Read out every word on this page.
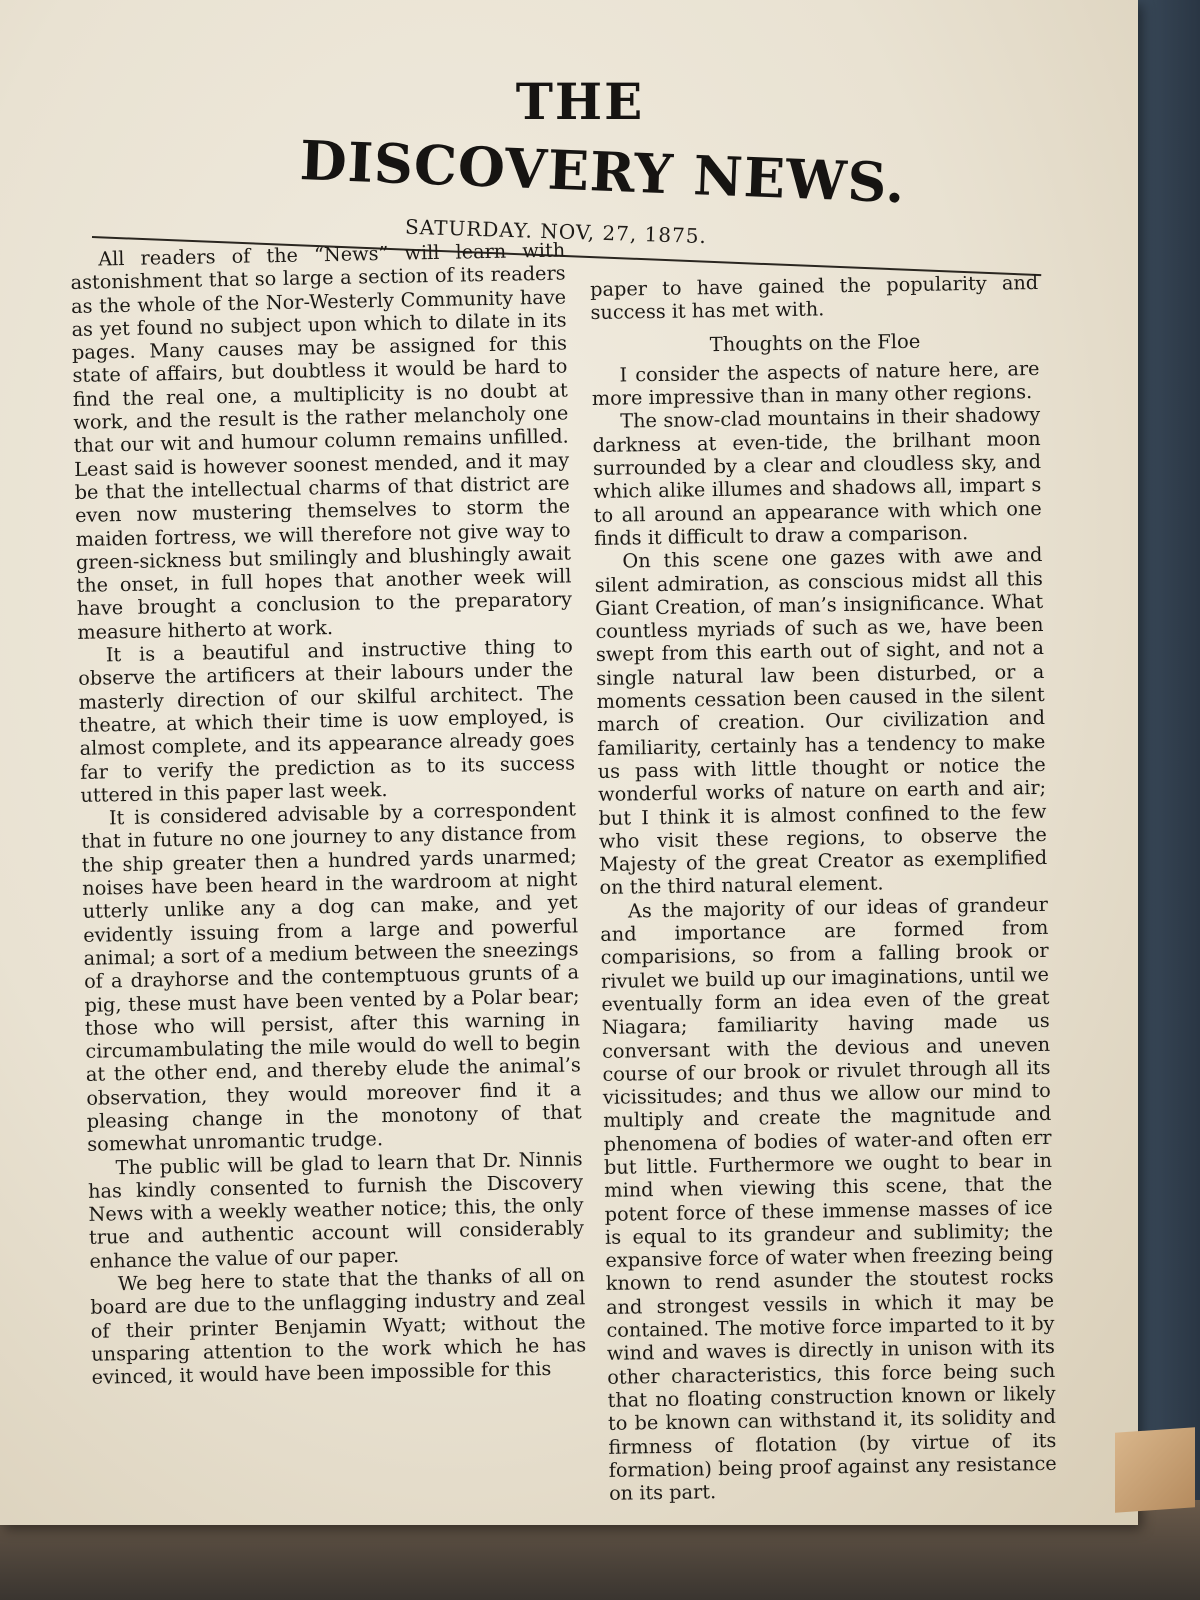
THE
DISCOVERY NEWS.
SATURDAY. NOV, 27, 1875.

All readers of the “News” will learn with astonishment that so large a section of its readers as the whole of the Nor-Westerly Community have as yet found no subject upon which to dilate in its pages. Many causes may be assigned for this state of affairs, but doubtless it would be hard to find the real one, a multiplicity is no doubt at work, and the result is the rather melancholy one that our wit and humour column remains unfilled. Least said is however soonest mended, and it may be that the intellectual charms of that district are even now mustering themselves to storm the maiden fortress, we will therefore not give way to green-sickness but smilingly and blushingly await the onset, in full hopes that another week will have brought a conclusion to the preparatory measure hitherto at work.

It is a beautiful and instructive thing to observe the artificers at their labours under the masterly direction of our skilful architect. The theatre, at which their time is uow employed, is almost complete, and its appearance already goes far to verify the prediction as to its success uttered in this paper last week.

It is considered advisable by a correspondent that in future no one journey to any distance from the ship greater then a hundred yards unarmed; noises have been heard in the wardroom at night utterly unlike any a dog can make, and yet evidently issuing from a large and powerful animal; a sort of a medium between the sneezings of a drayhorse and the contemptuous grunts of a pig, these must have been vented by a Polar bear; those who will persist, after this warning in circumambulating the mile would do well to begin at the other end, and thereby elude the animal’s observation, they would moreover find it a pleasing change in the monotony of that somewhat unromantic trudge.

The public will be glad to learn that Dr. Ninnis has kindly consented to furnish the Discovery News with a weekly weather notice; this, the only true and authentic account will considerably enhance the value of our paper.

We beg here to state that the thanks of all on board are due to the unflagging industry and zeal of their printer Benjamin Wyatt; without the unsparing attention to the work which he has evinced, it would have been impossible for this

paper to have gained the popularity and success it has met with.

Thoughts on the Floe

I consider the aspects of nature here, are more impressive than in many other regions.

The snow-clad mountains in their shadowy darkness at even-tide, the brilhant moon surrounded by a clear and cloudless sky, and which alike illumes and shadows all, impart s to all around an appearance with which one finds it difficult to draw a comparison.

On this scene one gazes with awe and silent admiration, as conscious midst all this Giant Creation, of man’s insignificance. What countless myriads of such as we, have been swept from this earth out of sight, and not a single natural law been disturbed, or a moments cessation been caused in the silent march of creation. Our civilization and familiarity, certainly has a tendency to make us pass with little thought or notice the wonderful works of nature on earth and air; but I think it is almost confined to the few who visit these regions, to observe the Majesty of the great Creator as exemplified on the third natural element.

As the majority of our ideas of grandeur and importance are formed from comparisions, so from a falling brook or rivulet we build up our imaginations, until we eventually form an idea even of the great Niagara; familiarity having made us conversant with the devious and uneven course of our brook or rivulet through all its vicissitudes; and thus we allow our mind to multiply and create the magnitude and phenomena of bodies of water-and often err but little. Furthermore we ought to bear in mind when viewing this scene, that the potent force of these immense masses of ice is equal to its grandeur and sublimity; the expansive force of water when freezing being known to rend asunder the stoutest rocks and strongest vessils in which it may be contained. The motive force imparted to it by wind and waves is directly in unison with its other characteristics, this force being such that no floating construction known or likely to be known can withstand it, its solidity and firmness of flotation (by virtue of its formation) being proof against any resistance on its part.
